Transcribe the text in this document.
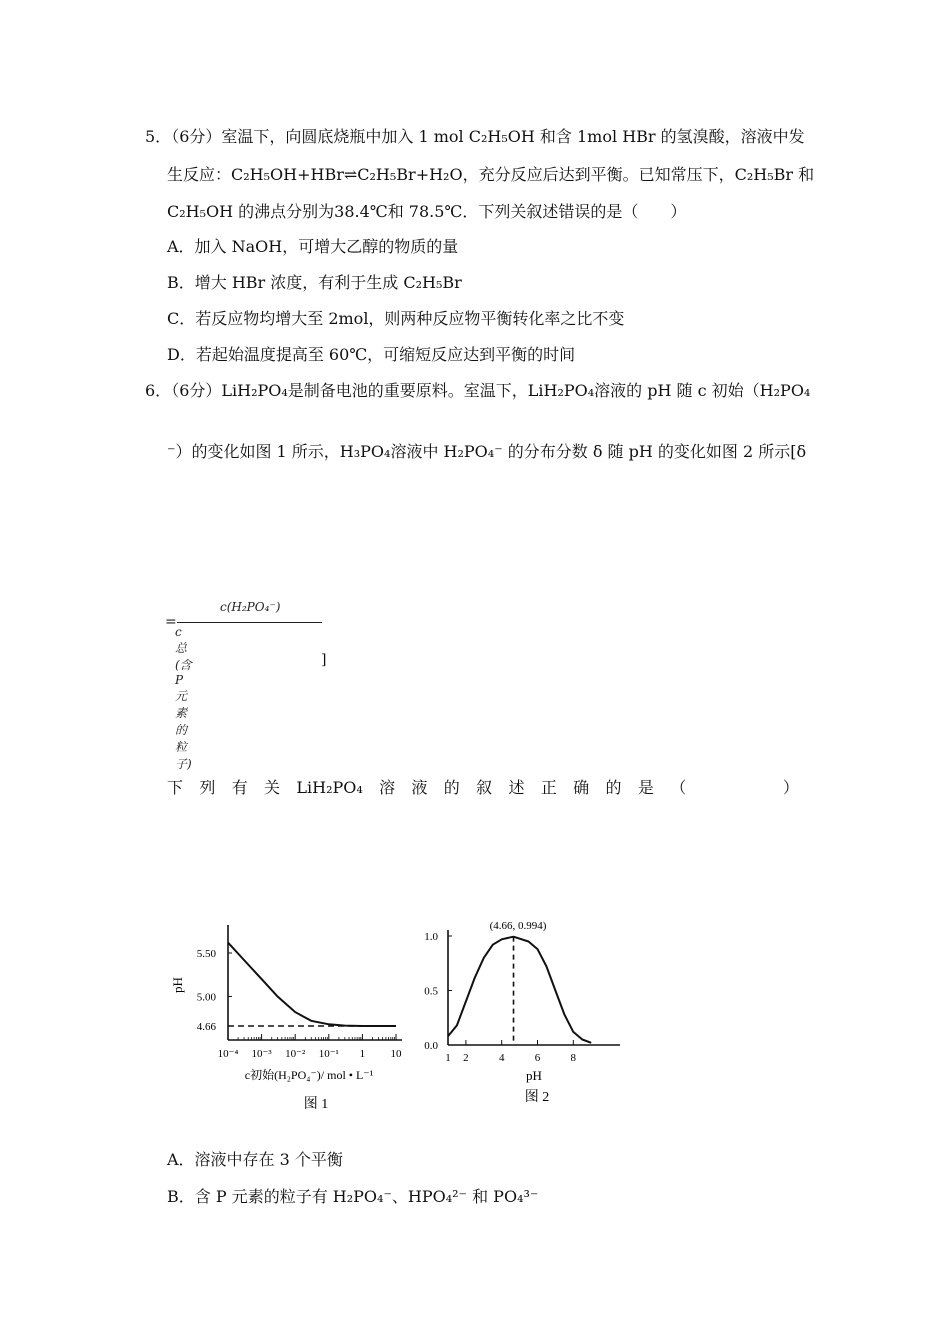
5．（6分）室温下，向圆底烧瓶中加入 1 mol C₂H₅OH 和含 1mol HBr 的氢溴酸，溶液中发
生反应：C₂H₅OH+HBr⇌C₂H₅Br+H₂O，充分反应后达到平衡。已知常压下，C₂H₅Br 和
C₂H₅OH 的沸点分别为38.4℃和 78.5℃．下列关叙述错误的是（　　）
A．加入 NaOH，可增大乙醇的物质的量
B．增大 HBr 浓度，有利于生成 C₂H₅Br
C．若反应物均增大至 2mol，则两种反应物平衡转化率之比不变
D．若起始温度提高至 60℃，可缩短反应达到平衡的时间
6．（6分）LiH₂PO₄是制备电池的重要原料。室温下，LiH₂PO₄溶液的 pH 随 c 初始（H₂PO₄
⁻）的变化如图 1 所示，H₃PO₄溶液中 H₂PO₄⁻ 的分布分数 δ 随 pH 的变化如图 2 所示[δ
=
c(H₂PO₄⁻)
c总(含P元素的粒子)
]
下 列 有 关 LiH₂PO₄ 溶 液 的 叙 述 正 确 的 是 （
　　　　	）
10⁻⁴ 10⁻³ 10⁻² 10⁻¹ 1 10
5.50
5.00
4.66
pH
c初始(H₂PO₄⁻)/ mol • L⁻¹
图 1
1 2	4	6	8
1.0
0.5
0.0
pH
图 2
(4.66, 0.994)
A．溶液中存在 3 个平衡
B．含 P 元素的粒子有 H₂PO₄⁻、HPO₄²⁻ 和 PO₄³⁻
